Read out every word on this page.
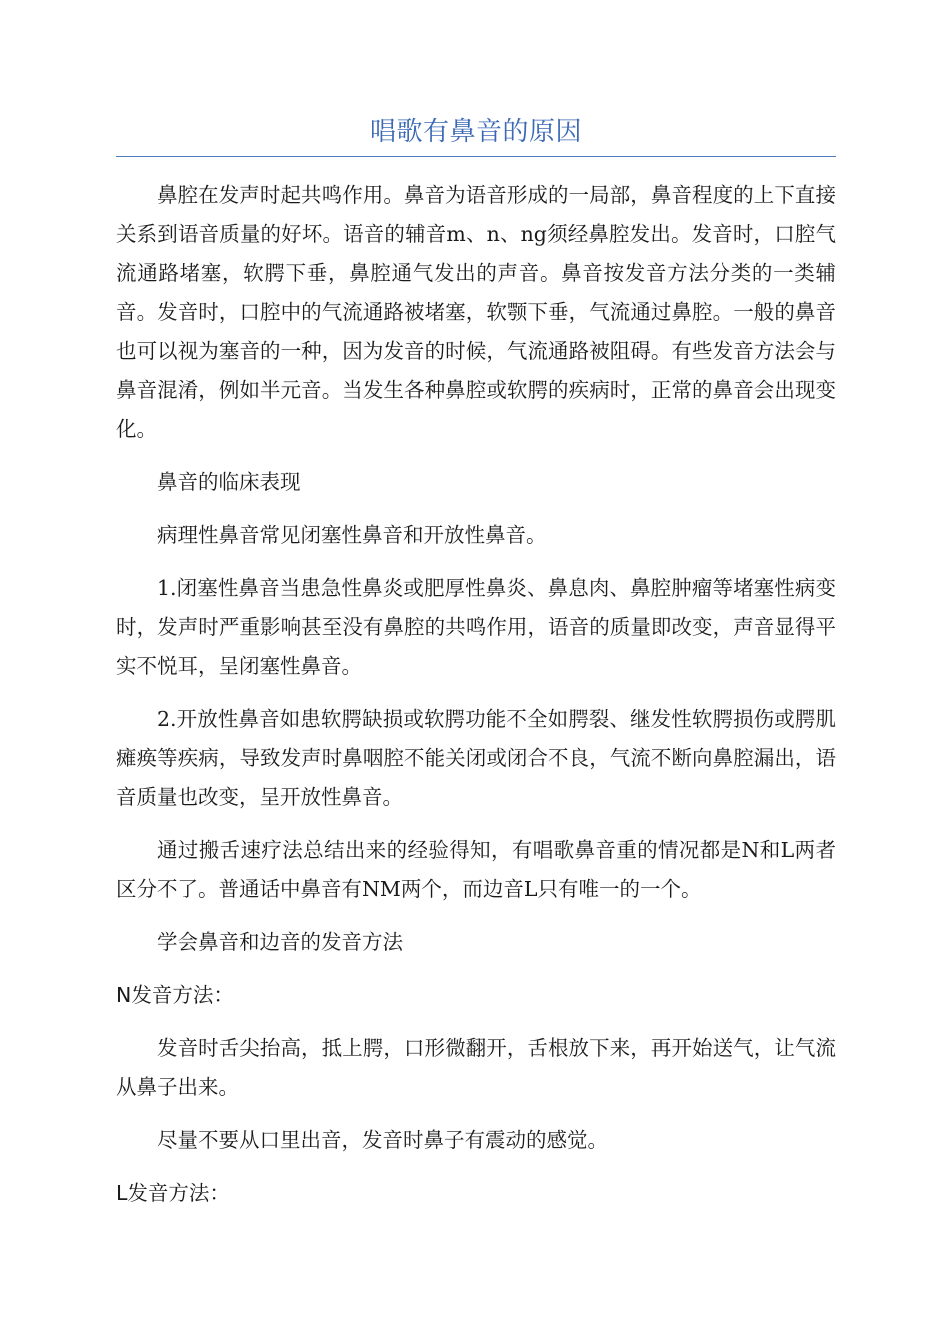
唱歌有鼻音的原因

鼻腔在发声时起共鸣作用。鼻音为语音形成的一局部，鼻音程度的上下直接关系到语音质量的好坏。语音的辅音m、n、ng须经鼻腔发出。发音时，口腔气流通路堵塞，软腭下垂，鼻腔通气发出的声音。鼻音按发音方法分类的一类辅音。发音时，口腔中的气流通路被堵塞，软颚下垂，气流通过鼻腔。一般的鼻音也可以视为塞音的一种，因为发音的时候，气流通路被阻碍。有些发音方法会与鼻音混淆，例如半元音。当发生各种鼻腔或软腭的疾病时，正常的鼻音会出现变化。

鼻音的临床表现

病理性鼻音常见闭塞性鼻音和开放性鼻音。

1.闭塞性鼻音当患急性鼻炎或肥厚性鼻炎、鼻息肉、鼻腔肿瘤等堵塞性病变时，发声时严重影响甚至没有鼻腔的共鸣作用，语音的质量即改变，声音显得平实不悦耳，呈闭塞性鼻音。

2.开放性鼻音如患软腭缺损或软腭功能不全如腭裂、继发性软腭损伤或腭肌瘫痪等疾病，导致发声时鼻咽腔不能关闭或闭合不良，气流不断向鼻腔漏出，语音质量也改变，呈开放性鼻音。

通过搬舌速疗法总结出来的经验得知，有唱歌鼻音重的情况都是N和L两者区分不了。普通话中鼻音有NM两个，而边音L只有唯一的一个。

学会鼻音和边音的发音方法

N发音方法：

发音时舌尖抬高，抵上腭，口形微翻开，舌根放下来，再开始送气，让气流从鼻子出来。

尽量不要从口里出音，发音时鼻子有震动的感觉。

L发音方法：
